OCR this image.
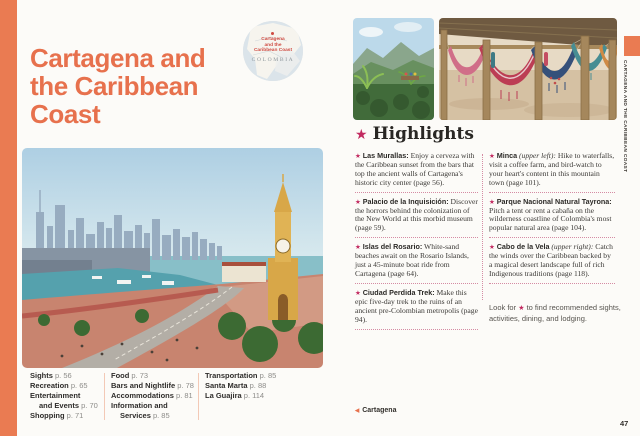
Cartagena and
the Caribbean
Coast
Cartagena
and the
Caribbean Coast
COLOMBIA
Sights p. 56
Recreation p. 65
Entertainment
and Events p. 70
Shopping p. 71
Food p. 73
Bars and Nightlife p. 78
Accommodations p. 81
Information and
Services p. 85
Transportation p. 85
Santa Marta p. 88
La Guajira p. 114
★ Highlights

★ Las Murallas: Enjoy a cerveza with the Caribbean sunset from the bars that top the ancient walls of Cartagena's historic city center (page 56).

★ Palacio de la Inquisición: Discover the horrors behind the colonization of the New World at this morbid museum (page 59).

★ Islas del Rosario: White-sand beaches await on the Rosario Islands, just a 45-minute boat ride from Cartagena (page 64).

★ Ciudad Perdida Trek: Make this epic five-day trek to the ruins of an ancient pre-Colombian metropolis (page 94).

★ Minca (upper left): Hike to waterfalls, visit a coffee farm, and bird-watch to your heart's content in this mountain town (page 101).

★ Parque Nacional Natural Tayrona: Pitch a tent or rent a cabaña on the wilderness coastline of Colombia's most popular natural area (page 104).

★ Cabo de la Vela (upper right): Catch the winds over the Caribbean backed by a magical desert landscape full of rich Indigenous traditions (page 118).

Look for ★ to find recommended sights, activities, dining, and lodging.

◀ Cartagena

47
CARTAGENA AND THE CARIBBEAN COAST
